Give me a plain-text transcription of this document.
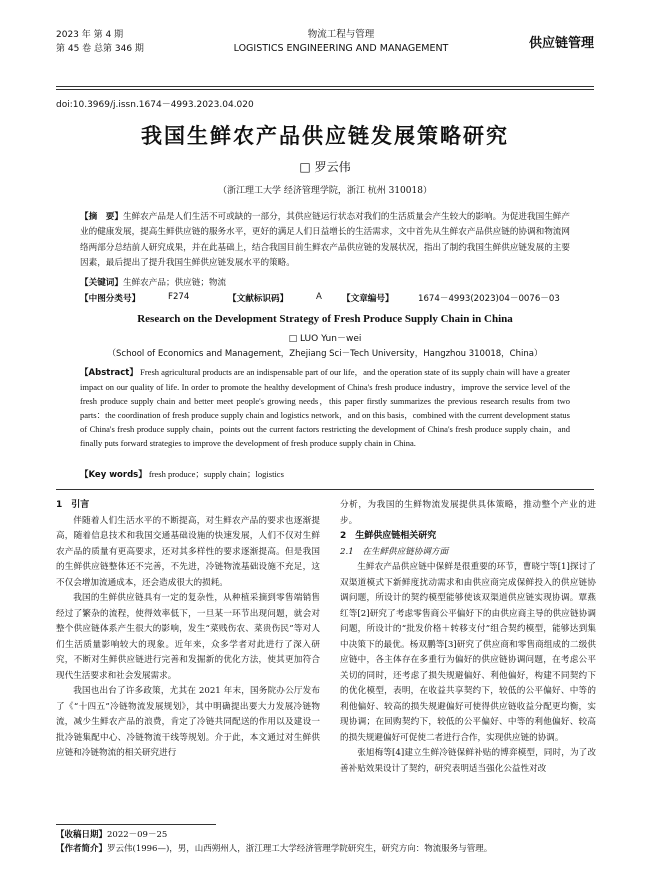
2023 年 第 4 期
第 45 卷 总第 346 期
物流工程与管理
LOGISTICS ENGINEERING AND MANAGEMENT	供应链管理
doi:10.3969/j.issn.1674－4993.2023.04.020
我国生鲜农产品供应链发展策略研究
□ 罗云伟
（浙江理工大学 经济管理学院，浙江 杭州 310018）
【摘　要】生鲜农产品是人们生活不可或缺的一部分，其供应链运行状态对我们的生活质量会产生较大的影响。为促进我国生鲜产业的健康发展，提高生鲜供应链的服务水平，更好的满足人们日益增长的生活需求，文中首先从生鲜农产品供应链的协调和物流网络两部分总结前人研究成果，并在此基础上，结合我国目前生鲜农产品供应链的发展状况，指出了制约我国生鲜供应链发展的主要因素，最后提出了提升我国生鲜供应链发展水平的策略。
【关键词】生鲜农产品；供应链；物流
【中图分类号】	F274	【文献标识码】	A 【文章编号】	1674－4993(2023)04－0076－03
Research on the Development Strategy of Fresh Produce Supply Chain in China
□ LUO Yun－wei
（School of Economics and Management，Zhejiang Sci－Tech University，Hangzhou 310018，China）
【Abstract】 Fresh agricultural products are an indispensable part of our life，and the operation state of its supply chain will have a greater impact on our quality of life. In order to promote the healthy development of China's fresh produce industry，improve the service level of the fresh produce supply chain and better meet people's growing needs，this paper firstly summarizes the previous research results from two parts：the coordination of fresh produce supply chain and logistics network，and on this basis，combined with the current development status of China's fresh produce supply chain，points out the current factors restricting the development of China's fresh produce supply chain，and finally puts forward strategies to improve the development of fresh produce supply chain in China.
【Key words】 fresh produce；supply chain；logistics

1　引言

伴随着人们生活水平的不断提高，对生鲜农产品的要求也逐渐提高，随着信息技术和我国交通基础设施的快速发展，人们不仅对生鲜农产品的质量有更高要求，还对其多样性的要求逐渐提高。但是我国的生鲜供应链整体还不完善，不先进，冷链物流基础设施不充足，这不仅会增加流通成本，还会造成很大的损耗。

我国的生鲜供应链具有一定的复杂性，从种植采摘到零售端销售经过了繁杂的流程，使得效率低下，一旦某一环节出现问题，就会对整个供应链体系产生很大的影响，发生“菜贱伤农、菜贵伤民”等对人们生活质量影响较大的现象。近年来，众多学者对此进行了深入研究，不断对生鲜供应链进行完善和发掘新的优化方法，使其更加符合现代生活要求和社会发展需求。

我国也出台了许多政策，尤其在 2021 年末，国务院办公厅发布了《“十四五”冷链物流发展规划》，其中明确提出要大力发展冷链物流，减少生鲜农产品的浪费，肯定了冷链共同配送的作用以及建设一批冷链集配中心、冷链物流干线等规划。介于此，本文通过对生鲜供应链和冷链物流的相关研究进行

分析，为我国的生鲜物流发展提供具体策略，推动整个产业的进步。

2　生鲜供应链相关研究

2.1　在生鲜供应链协调方面

生鲜农产品供应链中保鲜是很重要的环节，曹晓宁等[1]探讨了双渠道模式下新鲜度扰动需求和由供应商完成保鲜投入的供应链协调问题，所设计的契约模型能够使该双渠道供应链实现协调。覃燕红等[2]研究了考虑零售商公平偏好下的由供应商主导的供应链协调问题，所设计的“批发价格＋转移支付”组合契约模型，能够达到集中决策下的最优。杨双鹏等[3]研究了供应商和零售商组成的二级供应链中，各主体存在多重行为偏好的供应链协调问题，在考虑公平关切的同时，还考虑了损失规避偏好、利他偏好，构建不同契约下的优化模型，表明，在收益共享契约下，较低的公平偏好、中等的利他偏好、较高的损失规避偏好可使得供应链收益分配更均衡，实现协调；在回购契约下，较低的公平偏好、中等的利他偏好、较高的损失规避偏好可促使二者进行合作，实现供应链的协调。

张旭梅等[4]建立生鲜冷链保鲜补贴的博弈模型，同时，为了改善补贴效果设计了契约，研究表明适当强化公益性对改

【收稿日期】2022－09－25
【作者简介】罗云伟(1996—)，男，山西朔州人，浙江理工大学经济管理学院研究生，研究方向：物流服务与管理。
